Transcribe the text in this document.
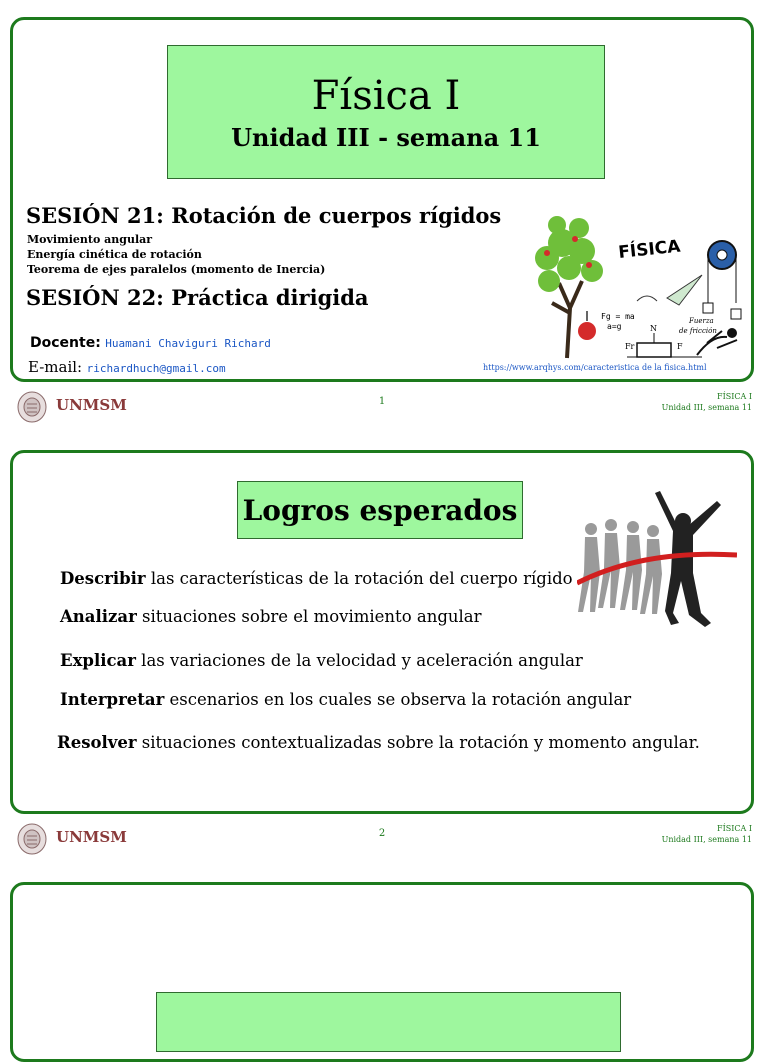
Física I
Unidad III - semana 11
SESIÓN 21: Rotación de cuerpos rígidos
Movimiento angular
Energía cinética de rotación
Teorema de ejes paralelos (momento de Inercia)
SESIÓN 22: Práctica dirigida
Docente: Huamani Chaviguri Richard
E-mail: richardhuch@gmail.com
FÍSICA
Fg = ma
a=g
Fuerza
de fricción
N
F
Fr
https://www.arqhys.com/caracteristica de la fisica.html
UNMSM	1	FÍSICA I
Unidad III, semana 11
Logros esperados
Describir las características de la rotación del cuerpo rígido
Analizar situaciones sobre el movimiento angular
Explicar las variaciones de la velocidad y aceleración angular
Interpretar escenarios en los cuales se observa la rotación angular
Resolver situaciones contextualizadas sobre la rotación y momento angular.
UNMSM	2	FÍSICA I
Unidad III, semana 11
